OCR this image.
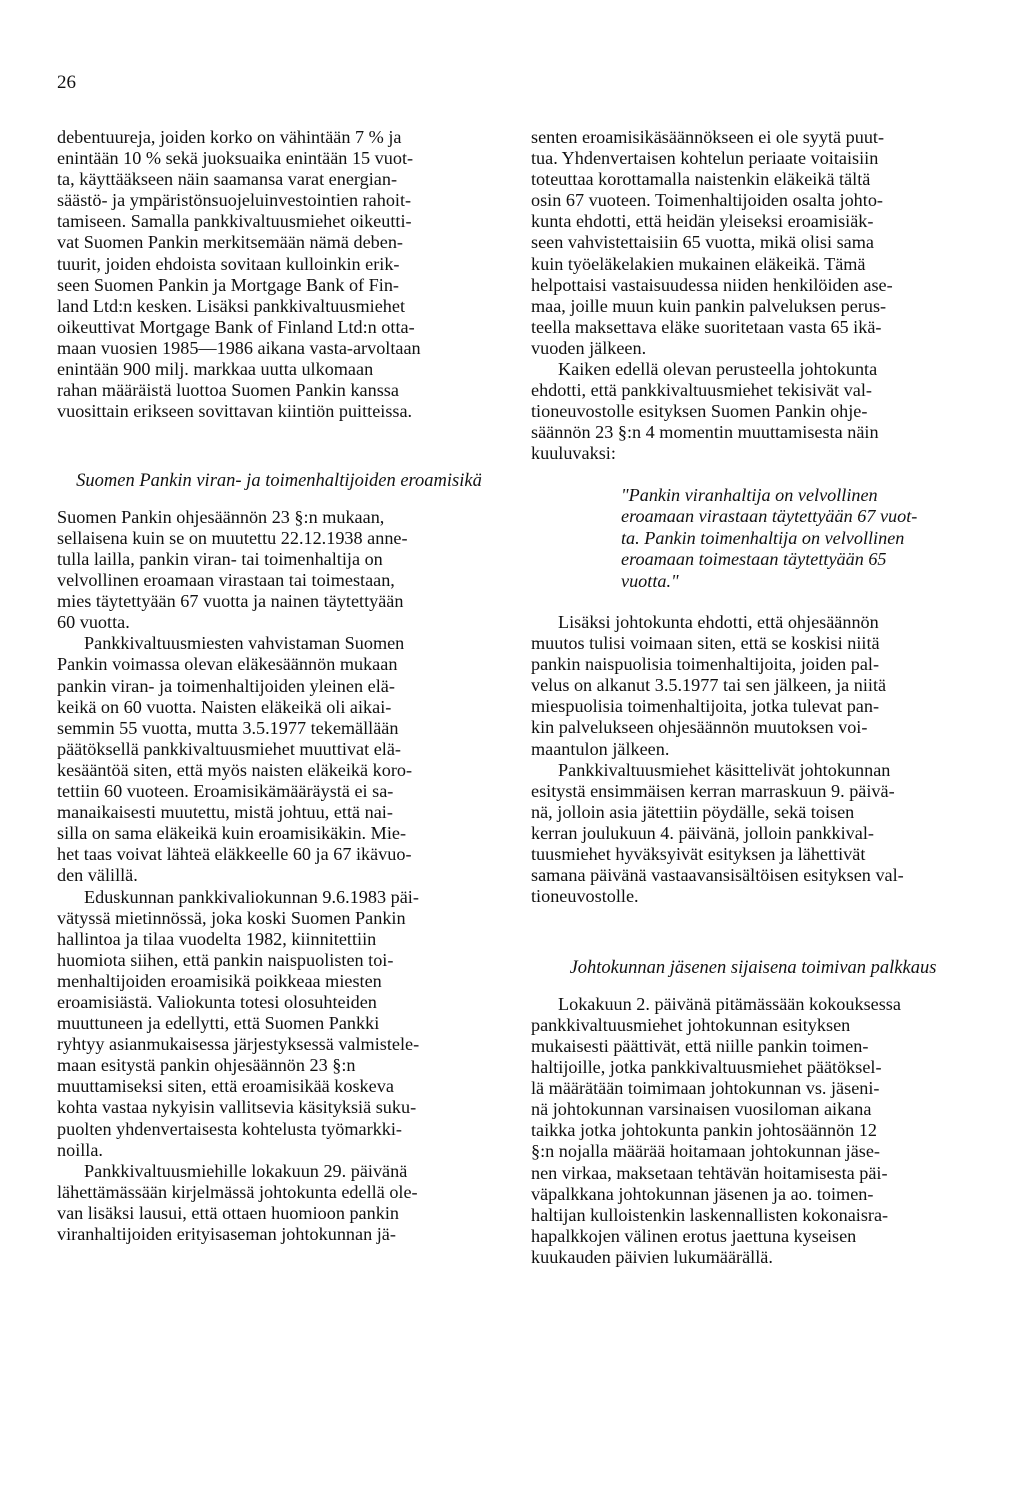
26

debentuureja, joiden korko on vähintään 7 % ja
enintään 10 % sekä juoksuaika enintään 15 vuot-
ta, käyttääkseen näin saamansa varat energian-
säästö- ja ympäristönsuojeluinvestointien rahoit-
tamiseen. Samalla pankkivaltuusmiehet oikeutti-
vat Suomen Pankin merkitsemään nämä deben-
tuurit, joiden ehdoista sovitaan kulloinkin erik-
seen Suomen Pankin ja Mortgage Bank of Fin-
land Ltd:n kesken. Lisäksi pankkivaltuusmiehet
oikeuttivat Mortgage Bank of Finland Ltd:n otta-
maan vuosien 1985—1986 aikana vasta-arvoltaan
enintään 900 milj. markkaa uutta ulkomaan
rahan määräistä luottoa Suomen Pankin kanssa
vuosittain erikseen sovittavan kiintiön puitteissa.

Suomen Pankin viran- ja toimenhaltijoiden eroamisikä

Suomen Pankin ohjesäännön 23 §:n mukaan,
sellaisena kuin se on muutettu 22.12.1938 anne-
tulla lailla, pankin viran- tai toimenhaltija on
velvollinen eroamaan virastaan tai toimestaan,
mies täytettyään 67 vuotta ja nainen täytettyään
60 vuotta.

Pankkivaltuusmiesten vahvistaman Suomen
Pankin voimassa olevan eläkesäännön mukaan
pankin viran- ja toimenhaltijoiden yleinen elä-
keikä on 60 vuotta. Naisten eläkeikä oli aikai-
semmin 55 vuotta, mutta 3.5.1977 tekemällään
päätöksellä pankkivaltuusmiehet muuttivat elä-
kesääntöä siten, että myös naisten eläkeikä koro-
tettiin 60 vuoteen. Eroamisikämääräystä ei sa-
manaikaisesti muutettu, mistä johtuu, että nai-
silla on sama eläkeikä kuin eroamisikäkin. Mie-
het taas voivat lähteä eläkkeelle 60 ja 67 ikävuo-
den välillä.

Eduskunnan pankkivaliokunnan 9.6.1983 päi-
vätyssä mietinnössä, joka koski Suomen Pankin
hallintoa ja tilaa vuodelta 1982, kiinnitettiin
huomiota siihen, että pankin naispuolisten toi-
menhaltijoiden eroamisikä poikkeaa miesten
eroamisiästä. Valiokunta totesi olosuhteiden
muuttuneen ja edellytti, että Suomen Pankki
ryhtyy asianmukaisessa järjestyksessä valmistele-
maan esitystä pankin ohjesäännön 23 §:n
muuttamiseksi siten, että eroamisikää koskeva
kohta vastaa nykyisin vallitsevia käsityksiä suku-
puolten yhdenvertaisesta kohtelusta työmarkki-
noilla.

Pankkivaltuusmiehille lokakuun 29. päivänä
lähettämässään kirjelmässä johtokunta edellä ole-
van lisäksi lausui, että ottaen huomioon pankin
viranhaltijoiden erityisaseman johtokunnan jä-

senten eroamisikäsäännökseen ei ole syytä puut-
tua. Yhdenvertaisen kohtelun periaate voitaisiin
toteuttaa korottamalla naistenkin eläkeikä tältä
osin 67 vuoteen. Toimenhaltijoiden osalta johto-
kunta ehdotti, että heidän yleiseksi eroamisiäk-
seen vahvistettaisiin 65 vuotta, mikä olisi sama
kuin työeläkelakien mukainen eläkeikä. Tämä
helpottaisi vastaisuudessa niiden henkilöiden ase-
maa, joille muun kuin pankin palveluksen perus-
teella maksettava eläke suoritetaan vasta 65 ikä-
vuoden jälkeen.

Kaiken edellä olevan perusteella johtokunta
ehdotti, että pankkivaltuusmiehet tekisivät val-
tioneuvostolle esityksen Suomen Pankin ohje-
säännön 23 §:n 4 momentin muuttamisesta näin
kuuluvaksi:

"Pankin viranhaltija on velvollinen
eroamaan virastaan täytettyään 67 vuot-
ta. Pankin toimenhaltija on velvollinen
eroamaan toimestaan täytettyään 65
vuotta."

Lisäksi johtokunta ehdotti, että ohjesäännön
muutos tulisi voimaan siten, että se koskisi niitä
pankin naispuolisia toimenhaltijoita, joiden pal-
velus on alkanut 3.5.1977 tai sen jälkeen, ja niitä
miespuolisia toimenhaltijoita, jotka tulevat pan-
kin palvelukseen ohjesäännön muutoksen voi-
maantulon jälkeen.

Pankkivaltuusmiehet käsittelivät johtokunnan
esitystä ensimmäisen kerran marraskuun 9. päivä-
nä, jolloin asia jätettiin pöydälle, sekä toisen
kerran joulukuun 4. päivänä, jolloin pankkival-
tuusmiehet hyväksyivät esityksen ja lähettivät
samana päivänä vastaavansisältöisen esityksen val-
tioneuvostolle.

Johtokunnan jäsenen sijaisena toimivan palkkaus

Lokakuun 2. päivänä pitämässään kokouksessa
pankkivaltuusmiehet johtokunnan esityksen
mukaisesti päättivät, että niille pankin toimen-
haltijoille, jotka pankkivaltuusmiehet päätöksel-
lä määrätään toimimaan johtokunnan vs. jäseni-
nä johtokunnan varsinaisen vuosiloman aikana
taikka jotka johtokunta pankin johtosäännön 12
§:n nojalla määrää hoitamaan johtokunnan jäse-
nen virkaa, maksetaan tehtävän hoitamisesta päi-
väpalkkana johtokunnan jäsenen ja ao. toimen-
haltijan kulloistenkin laskennallisten kokonaisra-
hapalkkojen välinen erotus jaettuna kyseisen
kuukauden päivien lukumäärällä.
